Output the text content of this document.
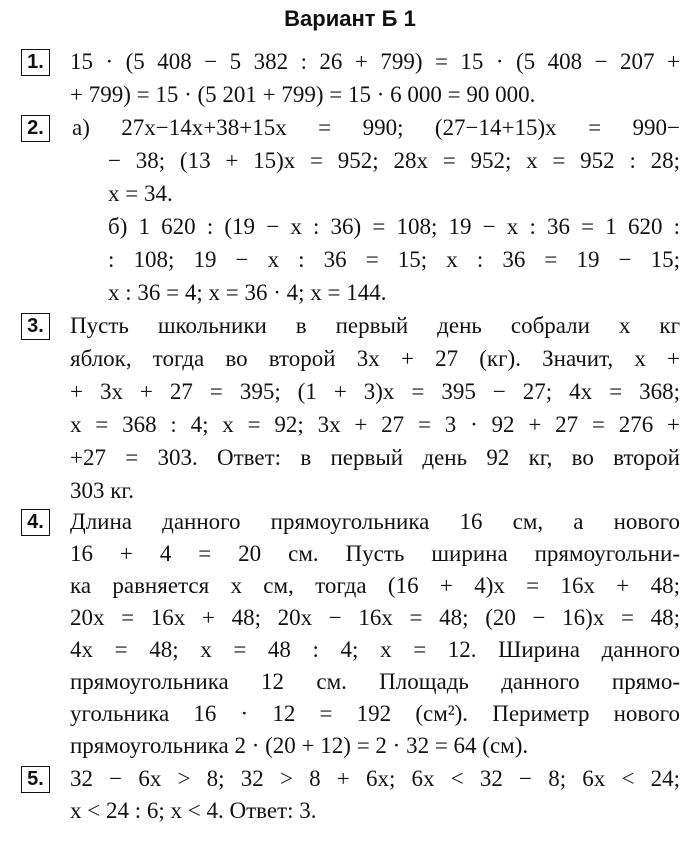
Вариант Б 1
1. 15 · (5 408 − 5 382 : 26 + 799) = 15 · (5 408 − 207 +
+ 799) = 15 · (5 201 + 799) = 15 · 6 000 = 90 000.
2. а) 27x−14x+38+15x = 990; (27−14+15)x = 990−
− 38; (13 + 15)x = 952; 28x = 952; x = 952 : 28;
x = 34.
б) 1 620 : (19 − x : 36) = 108; 19 − x : 36 = 1 620 :
: 108; 19 − x : 36 = 15; x : 36 = 19 − 15;
x : 36 = 4; x = 36 · 4; x = 144.
3. Пусть школьники в первый день собрали x кг
яблок, тогда во второй 3x + 27 (кг). Значит, x +
+ 3x + 27 = 395; (1 + 3)x = 395 − 27; 4x = 368;
x = 368 : 4; x = 92; 3x + 27 = 3 · 92 + 27 = 276 +
+27 = 303. Ответ: в первый день 92 кг, во второй
303 кг.
4. Длина данного прямоугольника 16 см, а нового
16 + 4 = 20 см. Пусть ширина прямоугольни-
ка равняется x см, тогда (16 + 4)x = 16x + 48;
20x = 16x + 48; 20x − 16x = 48; (20 − 16)x = 48;
4x = 48; x = 48 : 4; x = 12. Ширина данного
прямоугольника 12 см. Площадь данного прямо-
угольника 16 · 12 = 192 (см²). Периметр нового
прямоугольника 2 · (20 + 12) = 2 · 32 = 64 (см).
5. 32 − 6x > 8; 32 > 8 + 6x; 6x < 32 − 8; 6x < 24;
x < 24 : 6; x < 4. Ответ: 3.
